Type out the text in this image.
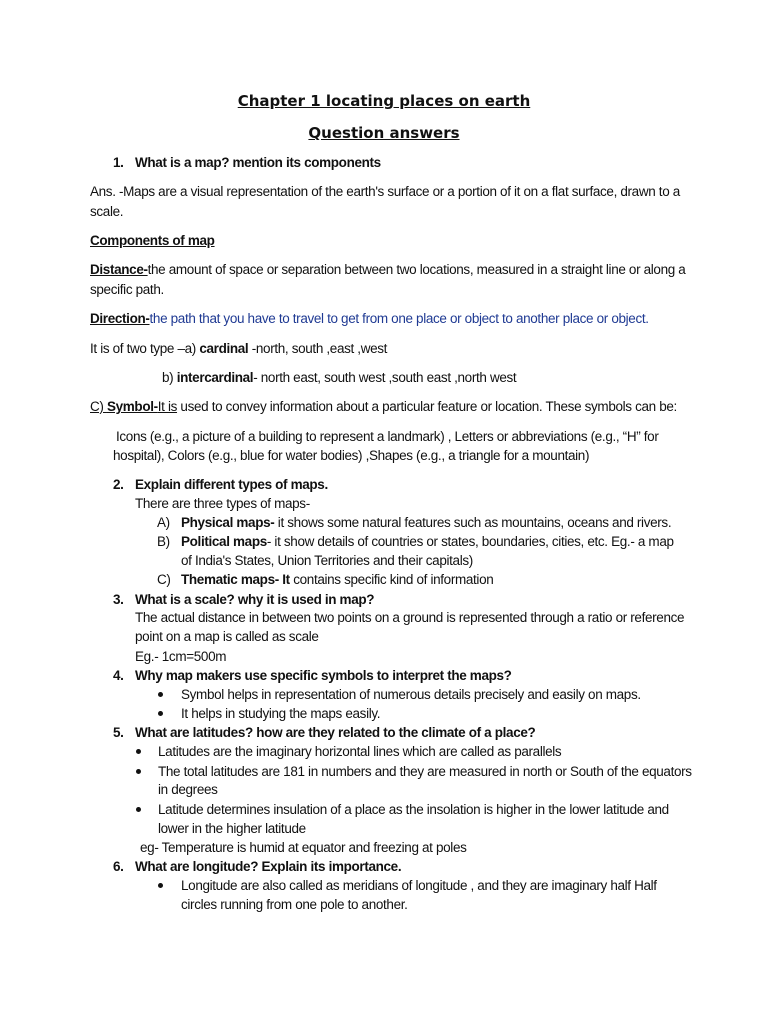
Chapter 1 locating places on earth
Question answers
1. What is a map? mention its components
Ans. -Maps are a visual representation of the earth's surface or a portion of it on a flat surface, drawn to a
scale.
Components of map
Distance-the amount of space or separation between two locations, measured in a straight line or along a
specific path.
Direction-the path that you have to travel to get from one place or object to another place or object.
It is of two type –a) cardinal -north, south ,east ,west
b) intercardinal- north east, south west ,south east ,north west
C) Symbol-It is used to convey information about a particular feature or location. These symbols can be:
Icons (e.g., a picture of a building to represent a landmark) , Letters or abbreviations (e.g., “H” for
hospital), Colors (e.g., blue for water bodies) ,Shapes (e.g., a triangle for a mountain)
2. Explain different types of maps.
There are three types of maps-
A) Physical maps- it shows some natural features such as mountains, oceans and rivers.
B) Political maps- it show details of countries or states, boundaries, cities, etc. Eg.- a map
of India's States, Union Territories and their capitals)
C) Thematic maps- It contains specific kind of information
3. What is a scale? why it is used in map?
The actual distance in between two points on a ground is represented through a ratio or reference
point on a map is called as scale
Eg.- 1cm=500m
4. Why map makers use specific symbols to interpret the maps?
Symbol helps in representation of numerous details precisely and easily on maps.
It helps in studying the maps easily.
5. What are latitudes? how are they related to the climate of a place?
Latitudes are the imaginary horizontal lines which are called as parallels
The total latitudes are 181 in numbers and they are measured in north or South of the equators
in degrees
Latitude determines insulation of a place as the insolation is higher in the lower latitude and
lower in the higher latitude
eg- Temperature is humid at equator and freezing at poles
6. What are longitude? Explain its importance.
Longitude are also called as meridians of longitude , and they are imaginary half Half
circles running from one pole to another.
